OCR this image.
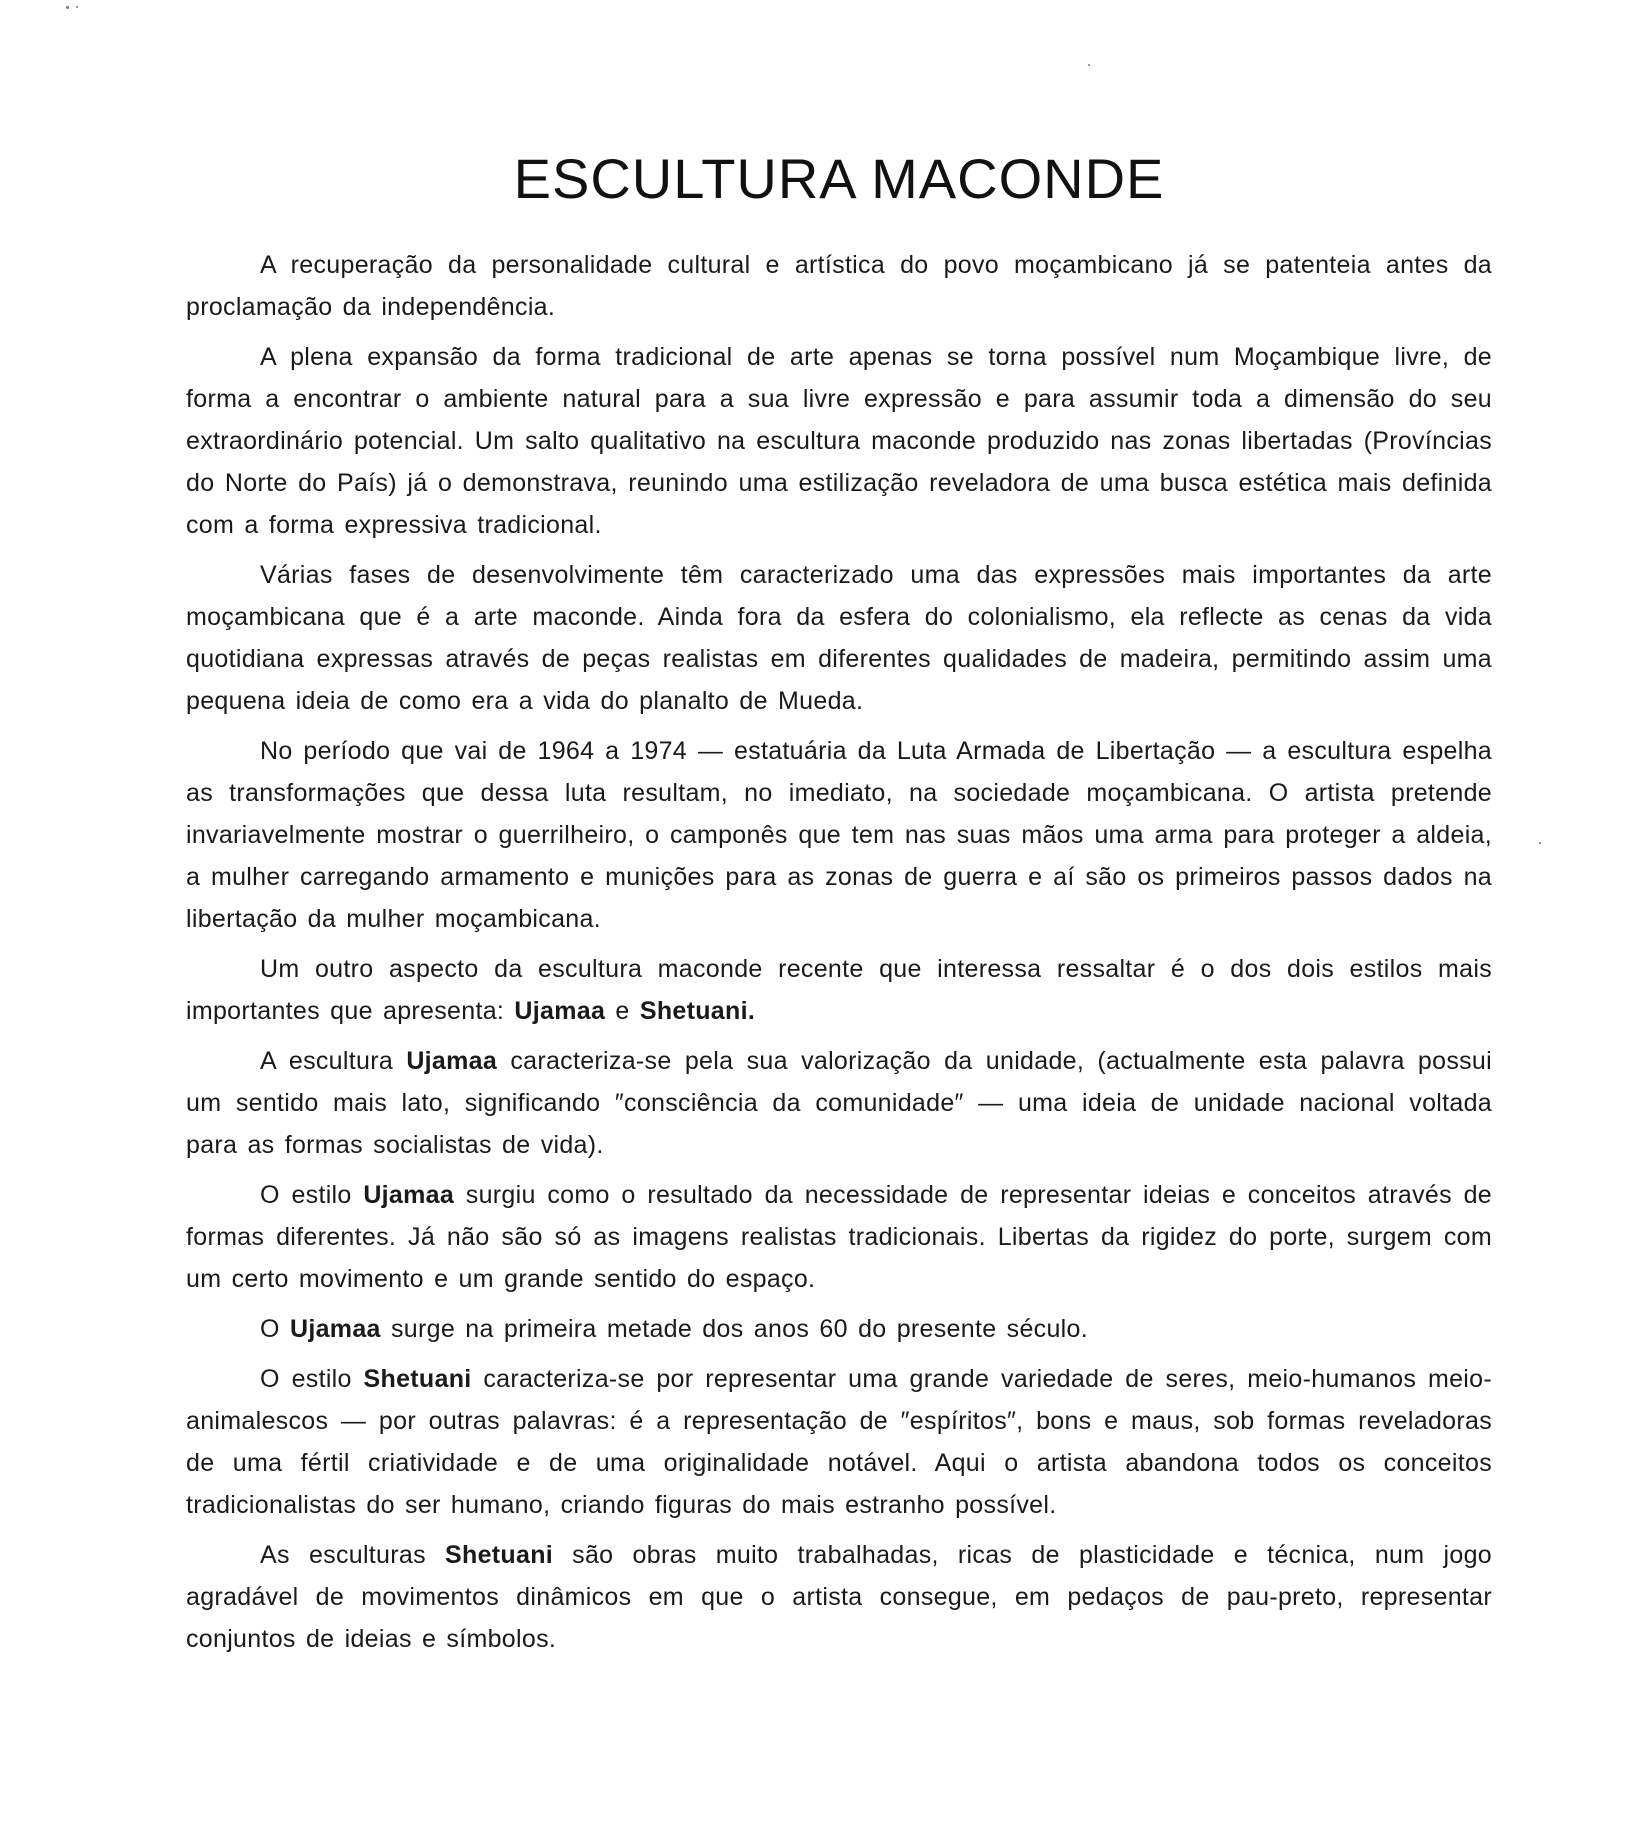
ESCULTURA MACONDE

A recuperação da personalidade cultural e artística do povo moçambicano já se patenteia antes da proclamação da independência.

A plena expansão da forma tradicional de arte apenas se torna possível num Moçambique livre, de forma a encontrar o ambiente natural para a sua livre expressão e para assumir toda a dimensão do seu extraordinário potencial. Um salto qualitativo na escultura maconde produzido nas zonas libertadas (Províncias do Norte do País) já o demonstrava, reunindo uma estilização reveladora de uma busca estética mais definida com a forma expressiva tradicional.

Várias fases de desenvolvimente têm caracterizado uma das expressões mais importantes da arte moçambicana que é a arte maconde. Ainda fora da esfera do colonialismo, ela reflecte as cenas da vida quotidiana expressas através de peças realistas em diferentes qualidades de madeira, permitindo assim uma pequena ideia de como era a vida do planalto de Mueda.

No período que vai de 1964 a 1974 — estatuária da Luta Armada de Libertação — a escultura espelha as transformações que dessa luta resultam, no imediato, na sociedade moçambicana. O artista pretende invariavelmente mostrar o guerrilheiro, o camponês que tem nas suas mãos uma arma para proteger a aldeia, a mulher carregando armamento e munições para as zonas de guerra e aí são os primeiros passos dados na libertação da mulher moçambicana.

Um outro aspecto da escultura maconde recente que interessa ressaltar é o dos dois estilos mais importantes que apresenta: Ujamaa e Shetuani.

A escultura Ujamaa caracteriza-se pela sua valorização da unidade, (actualmente esta palavra possui um sentido mais lato, significando ″consciência da comunidade″ — uma ideia de unidade nacional voltada para as formas socialistas de vida).

O estilo Ujamaa surgiu como o resultado da necessidade de representar ideias e conceitos através de formas diferentes. Já não são só as imagens realistas tradicionais. Libertas da rigidez do porte, surgem com um certo movimento e um grande sentido do espaço.

O Ujamaa surge na primeira metade dos anos 60 do presente século.

O estilo Shetuani caracteriza-se por representar uma grande variedade de seres, meio-humanos meio-animalescos — por outras palavras: é a representação de ″espíritos″, bons e maus, sob formas reveladoras de uma fértil criatividade e de uma originalidade notável. Aqui o artista abandona todos os conceitos tradicionalistas do ser humano, criando figuras do mais estranho possível.

As esculturas Shetuani são obras muito trabalhadas, ricas de plasticidade e técnica, num jogo agradável de movimentos dinâmicos em que o artista consegue, em pedaços de pau-preto, representar conjuntos de ideias e símbolos.
